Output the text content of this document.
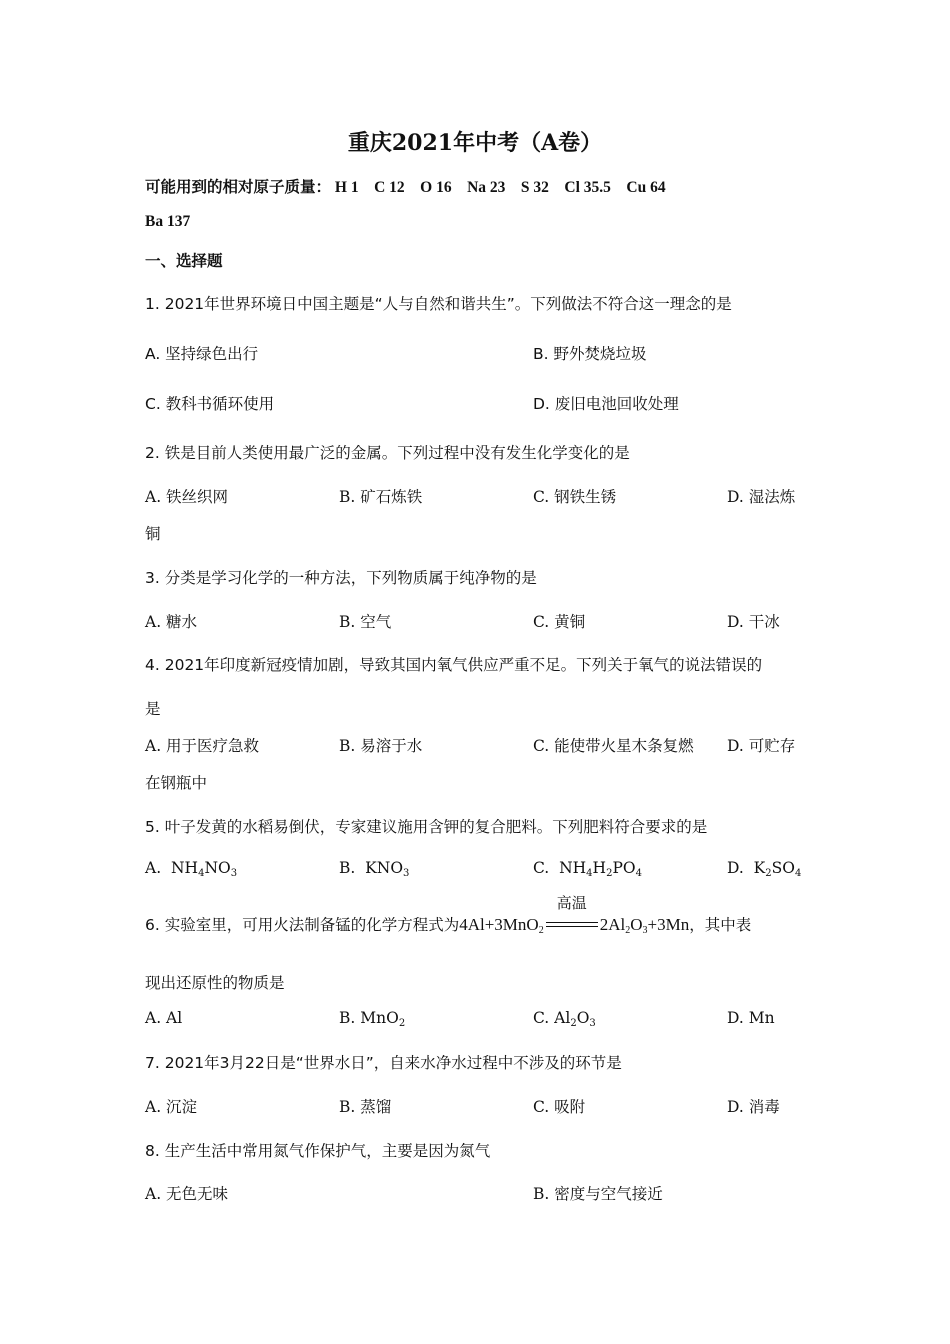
重庆2021年中考（A卷）
可能用到的相对原子质量： H 1 C 12 O 16 Na 23 S 32 Cl 35.5 Cu 64
Ba 137
一、选择题
1. 2021年世界环境日中国主题是“人与自然和谐共生”。下列做法不符合这一理念的是
A. 坚持绿色出行	B. 野外焚烧垃圾
C. 教科书循环使用	D. 废旧电池回收处理
2. 铁是目前人类使用最广泛的金属。下列过程中没有发生化学变化的是
A. 铁丝织网	B. 矿石炼铁	C. 钢铁生锈	D. 湿法炼
铜
3. 分类是学习化学的一种方法，下列物质属于纯净物的是
A. 糖水	B. 空气	C. 黄铜	D. 干冰
4. 2021年印度新冠疫情加剧，导致其国内氧气供应严重不足。下列关于氧气的说法错误的
是
A. 用于医疗急救	B. 易溶于水	C. 能使带火星木条复燃 D. 可贮存
在钢瓶中
5. 叶子发黄的水稻易倒伏，专家建议施用含钾的复合肥料。下列肥料符合要求的是
A.  $NH_4NO_3$	B.  $KNO_3$	C.  $NH_4H_2PO_4$	D.  $K_2SO_4$
6. 实验室里，可用火法制备锰的化学方程式为4Al+3MnO$_2$
高温
$2Al_2O_3+3Mn$，其中表
现出还原性的物质是
A. Al	B. MnO$_2$	C. $Al_2O_3$	D. Mn
7. 2021年3月22日是“世界水日”，自来水净水过程中不涉及的环节是
A. 沉淀	B. 蒸馏	C. 吸附	D. 消毒
8. 生产生活中常用氮气作保护气，主要是因为氮气
A. 无色无味	B. 密度与空气接近
